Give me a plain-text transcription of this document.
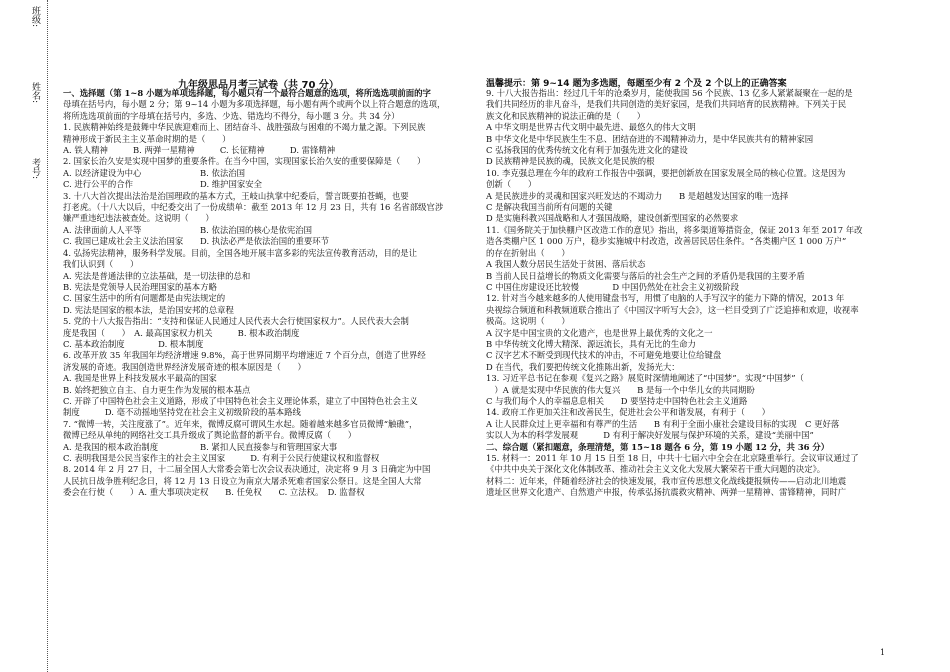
班级:
姓名:
考号:
九年级思品月考三试卷（共 70 分）	温馨提示：第 9~14 题为多选题，每题至少有 2 个及 2 个以上的正确答案

一、选择题（第 1~8 小题为单项选择题，每小题只有一个最符合题意的选项，将所选选项前面的字

母填在括号内，每小题 2 分；第 9~14 小题为多项选择题，每小题有两个或两个以上符合题意的选项，

将所选选项前面的字母填在括号内，多选、少选、错选均不得分，每小题 3 分。共 34 分）

1. 民族精神始终是鼓舞中华民族迎难而上、团结奋斗、战胜强敌与困难的不竭力量之源。下列民族

精神形成于新民主主义革命时期的是（　　）

A. 铁人精神　　　B. 两弹一星精神　　　C. 长征精神　　　D. 雷锋精神

2. 国家长治久安是实现中国梦的重要条件。在当今中国，实现国家长治久安的重要保障是（　　）

A. 以经济建设为中心　　　　　　　B. 依法治国

C. 进行公平的合作　　　　　　　　D. 维护国家安全

3. 十八大首次提出法治是治国理政的基本方式，王岐山执掌中纪委后，誓言既要拍苍蝇，也要

打老虎。（十八大以后，中纪委交出了一份成绩单：截至 2013 年 12 月 23 日，共有 16 名省部级官涉

嫌严重违纪违法被查处。这说明（　　）

A. 法律面前人人平等　　　　　　　B. 依法治国的核心是依宪治国

C. 我国已建成社会主义法治国家　　D. 执法必严是依法治国的重要环节

4. 弘扬宪法精神，服务科学发展。目前，全国各地开展丰富多彩的宪法宣传教育活动，目的是让

我们认识到（　　）

A. 宪法是普通法律的立法基础，是一切法律的总和

B. 宪法是党领导人民治理国家的基本方略

C. 国家生活中的所有问题都是由宪法规定的

D. 宪法是国家的根本法，是治国安邦的总章程

5. 党的十八大报告指出：“支持和保证人民通过人民代表大会行使国家权力”。人民代表大会制

度是我国（　　）　A. 最高国家权力机关　　　B. 根本政治制度

C. 基本政治制度　　　　D. 根本制度

6. 改革开放 35 年我国年均经济增速 9.8%，高于世界同期平均增速近 7 个百分点，创造了世界经

济发展的奇迹。我国创造世界经济发展奇迹的根本原因是（　　）

A. 我国是世界上科技发展水平最高的国家

B. 始终把独立自主、自力更生作为发展的根本基点

C. 开辟了中国特色社会主义道路，形成了中国特色社会主义理论体系，建立了中国特色社会主义

制度　　　D. 毫不动摇地坚持党在社会主义初级阶段的基本路线

7. “微博一转，关注度涨了”。近年来，微博反腐可谓风生水起。随着越来越多官员微博“触礁”，

微博已经从单纯的网络社交工具升级成了舆论监督的新平台。微博反腐（　　）

A. 是我国的根本政治制度　　　　　B. 紧扣人民直接参与和管理国家大事

C. 表明我国是公民当家作主的社会主义国家　　　D. 有利于公民行使建议权和监督权

8. 2014 年 2 月 27 日，十二届全国人大常委会第七次会议表决通过，决定将 9 月 3 日确定为中国

人民抗日战争胜利纪念日，将 12 月 13 日设立为南京大屠杀死难者国家公祭日。这是全国人大常

委会在行使（　　）A. 重大事项决定权　　B. 任免权　　C. 立法权。　D. 监督权

9. 十八大报告指出：经过几千年的沧桑岁月，能使我国 56 个民族、13 亿多人紧紧凝聚在一起的是

我们共同经历的非凡奋斗，是我们共同创造的美好家园，是我们共同培育的民族精神。下列关于民

族文化和民族精神的说法正确的是（　　）

A 中华文明是世界古代文明中最先进、最悠久的伟大文明

B 中华文化是中华民族生生不息、团结奋进的不竭精神动力，是中华民族共有的精神家园

C 弘扬我国的优秀传统文化有利于加强先进文化的建设

D 民族精神是民族的魂，民族文化是民族的根

10. 李克强总理在今年的政府工作报告中强调，要把创新放在国家发展全局的核心位置。这是因为

创新（　　）

A 是民族进步的灵魂和国家兴旺发达的不竭动力　　B 是超越发达国家的唯一选择

C 是解决我国当前所有问题的关键

D 是实施科教兴国战略和人才强国战略，建设创新型国家的必然要求

11.《国务院关于加快棚户区改造工作的意见》指出，将多渠道筹措资金，保证 2013 年至 2017 年改

造各类棚户区 1 000 万户，稳步实施城中村改造，改善居民居住条件。“各类棚户区 1 000 万户”

的存在折射出（　　）

A 我国人数分居民生活处于贫困、落后状态

B 当前人民日益增长的物质文化需要与落后的社会生产之间的矛盾仍是我国的主要矛盾

C 中国住房建设还比较慢　　　　D 中国仍然处在社会主义初级阶段

12. 针对当今越来越多的人使用键盘书写，用惯了电脑的人手写汉字的能力下降的情况，2013 年

央视综合频道和科教频道联合推出了《中国汉字听写大会》，这一栏目受到了广泛追捧和欢迎，收视率

极高。这说明（　　）

A 汉字是中国宝贵的文化遗产，也是世界上最优秀的文化之一

B 中华传统文化博大精深、源远流长，具有无比的生命力

C 汉字艺术不断受到现代技术的冲击，不可避免地要让位给键盘

D 在当代，我们要把传统文化推陈出新，发扬光大：

13. 习近平总书记在参观《复兴之路》展览时深情地阐述了“中国梦”。实现“中国梦”（

　）A 就是实现中华民族的伟大复兴　　B 是每一个中华儿女的共同期盼

C 与我们每个人的幸福息息相关　　D 要坚持走中国特色社会主义道路

14. 政府工作更加关注和改善民生，促进社会公平和谐发展，有利于（　　）

A 让人民群众过上更幸福和有尊严的生活　　B 有利于全面小康社会建设目标的实现　C 更好落

实以人为本的科学发展观　　　D 有利于解决好发展与保护环境的关系，建设“美丽中国”

二、综合题（紧扣题意，条理清楚，第 15~18 题各 6 分，第 19 小题 12 分，共 36 分）

15. 材料一：2011 年 10 月 15 日至 18 日，中共十七届六中全会在北京隆重举行。会议审议通过了

《中共中央关于深化文化体制改革、推动社会主义文化大发展大繁荣若干重大问题的决定》。

材料二：近年来，伴随着经济社会的快速发展，我市宣传思想文化战线捷报频传——启动北川地震

遗址区世界文化遗产、自然遗产申报，传承弘扬抗震救灾精神、两弹一星精神、雷锋精神，同时广

1
